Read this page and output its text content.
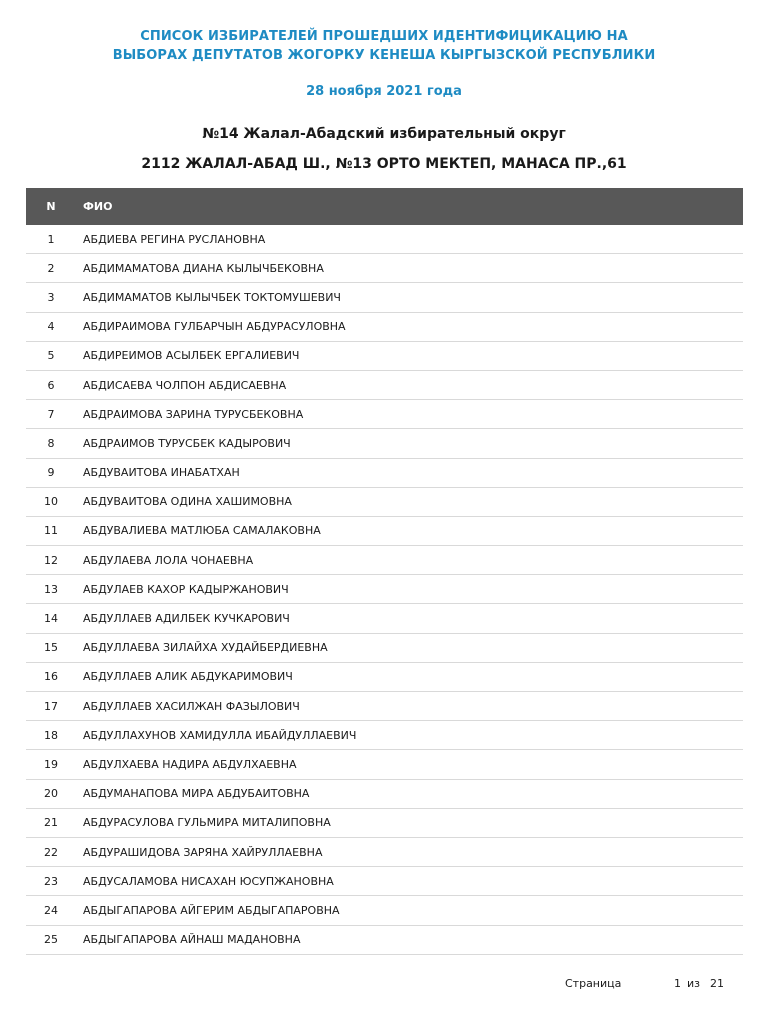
СПИСОК ИЗБИРАТЕЛЕЙ ПРОШЕДШИХ ИДЕНТИФИЦИКАЦИЮ НА
ВЫБОРАХ ДЕПУТАТОВ ЖОГОРКУ КЕНЕША КЫРГЫЗСКОЙ РЕСПУБЛИКИ
28 ноября 2021 года
№14 Жалал-Абадский избирательный округ
2112 ЖАЛАЛ-АБАД Ш., №13 ОРТО МЕКТЕП, МАНАСА ПР.,61
N	ФИО
1	АБДИЕВА РЕГИНА РУСЛАНОВНА
2	АБДИМАМАТОВА ДИАНА КЫЛЫЧБЕКОВНА
3	АБДИМАМАТОВ КЫЛЫЧБЕК ТОКТОМУШЕВИЧ
4	АБДИРАИМОВА ГУЛБАРЧЫН АБДУРАСУЛОВНА
5	АБДИРЕИМОВ АСЫЛБЕК ЕРГАЛИЕВИЧ
6	АБДИСАЕВА ЧОЛПОН АБДИСАЕВНА
7	АБДРАИМОВА ЗАРИНА ТУРУСБЕКОВНА
8	АБДРАИМОВ ТУРУСБЕК КАДЫРОВИЧ
9	АБДУВАИТОВА ИНАБАТХАН
10	АБДУВАИТОВА ОДИНА ХАШИМОВНА
11	АБДУВАЛИЕВА МАТЛЮБА САМАЛАКОВНА
12	АБДУЛАЕВА ЛОЛА ЧОНАЕВНА
13	АБДУЛАЕВ КАХОР КАДЫРЖАНОВИЧ
14	АБДУЛЛАЕВ АДИЛБЕК КУЧКАРОВИЧ
15	АБДУЛЛАЕВА ЗИЛАЙХА ХУДАЙБЕРДИЕВНА
16	АБДУЛЛАЕВ АЛИК АБДУКАРИМОВИЧ
17	АБДУЛЛАЕВ ХАСИЛЖАН ФАЗЫЛОВИЧ
18	АБДУЛЛАХУНОВ ХАМИДУЛЛА ИБАЙДУЛЛАЕВИЧ
19	АБДУЛХАЕВА НАДИРА АБДУЛХАЕВНА
20	АБДУМАНАПОВА МИРА АБДУБАИТОВНА
21	АБДУРАСУЛОВА ГУЛЬМИРА МИТАЛИПОВНА
22	АБДУРАШИДОВА ЗАРЯНА ХАЙРУЛЛАЕВНА
23	АБДУСАЛАМОВА НИСАХАН ЮСУПЖАНОВНА
24	АБДЫГАПАРОВА АЙГЕРИМ АБДЫГАПАРОВНА
25	АБДЫГАПАРОВА АЙНАШ МАДАНОВНА
Страница	1 из 21
